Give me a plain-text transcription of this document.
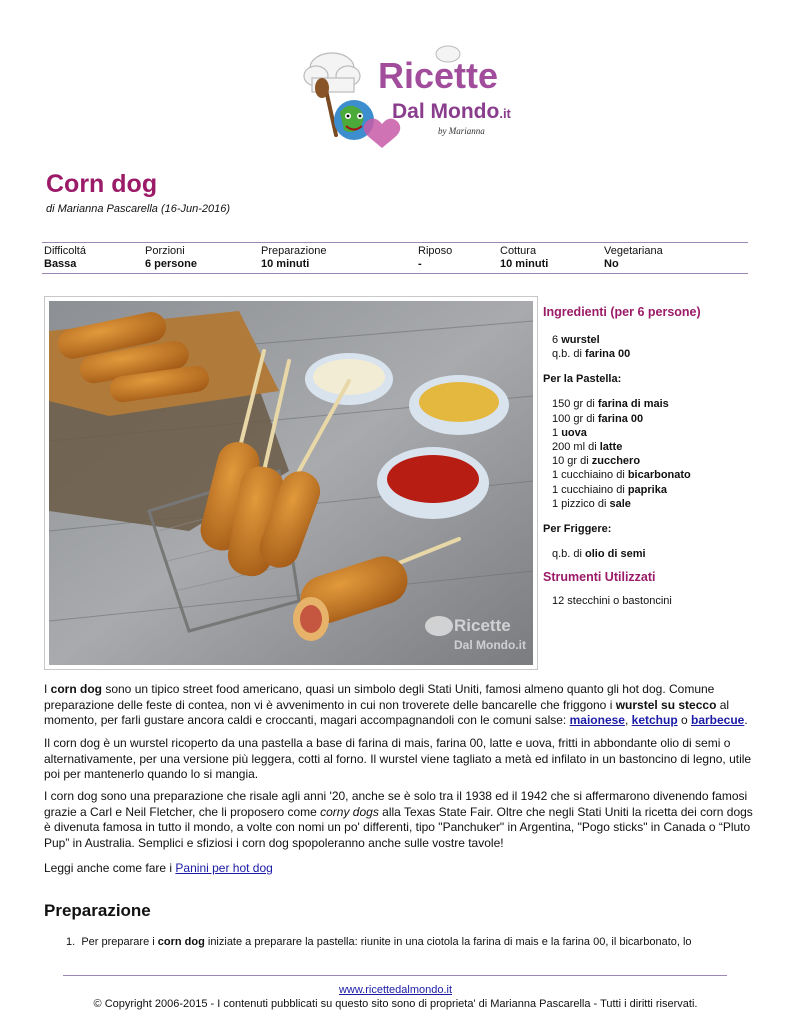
Ricette
Dal Mondo.it
by Marianna
Corn dog
di Marianna Pascarella (16-Jun-2016)
Difficoltá
Bassa
Porzioni
6 persone
Preparazione
10 minuti
Riposo
-
Cottura
10 minuti
Vegetariana
No
Ricette
Dal Mondo.it
Ingredienti (per 6 persone)
6 wurstel
q.b. di farina 00
Per la Pastella:
150 gr di farina di mais
100 gr di farina 00
1 uova
200 ml di latte
10 gr di zucchero
1 cucchiaino di bicarbonato
1 cucchiaino di paprika
1 pizzico di sale
Per Friggere:
q.b. di olio di semi
Strumenti Utilizzati
12 stecchini o bastoncini

I corn dog sono un tipico street food americano, quasi un simbolo degli Stati Uniti, famosi almeno quanto gli hot dog. Comune preparazione delle feste di contea, non vi è avvenimento in cui non troverete delle bancarelle che friggono i wurstel su stecco al momento, per farli gustare ancora caldi e croccanti, magari accompagnandoli con le comuni salse: maionese, ketchup o barbecue.

Il corn dog è un wurstel ricoperto da una pastella a base di farina di mais, farina 00, latte e uova, fritti in abbondante olio di semi o alternativamente, per una versione più leggera, cotti al forno. Il wurstel viene tagliato a metà ed infilato in un bastoncino di legno, utile poi per mantenerlo quando lo si mangia.

I corn dog sono una preparazione che risale agli anni '20, anche se è solo tra il 1938 ed il 1942 che si affermarono divenendo famosi grazie a Carl e Neil Fletcher, che li proposero come corny dogs alla Texas State Fair. Oltre che negli Stati Uniti la ricetta dei corn dogs è divenuta famosa in tutto il mondo, a volte con nomi un po' differenti, tipo "Panchuker" in Argentina, "Pogo sticks" in Canada o “Pluto Pup” in Australia. Semplici e sfiziosi i corn dog spopoleranno anche sulle vostre tavole!

Leggi anche come fare i Panini per hot dog

Preparazione
1. Per preparare i corn dog iniziate a preparare la pastella: riunite in una ciotola la farina di mais e la farina 00, il bicarbonato, lo
www.ricettedalmondo.it
© Copyright 2006-2015 - I contenuti pubblicati su questo sito sono di proprieta' di Marianna Pascarella - Tutti i diritti riservati.
